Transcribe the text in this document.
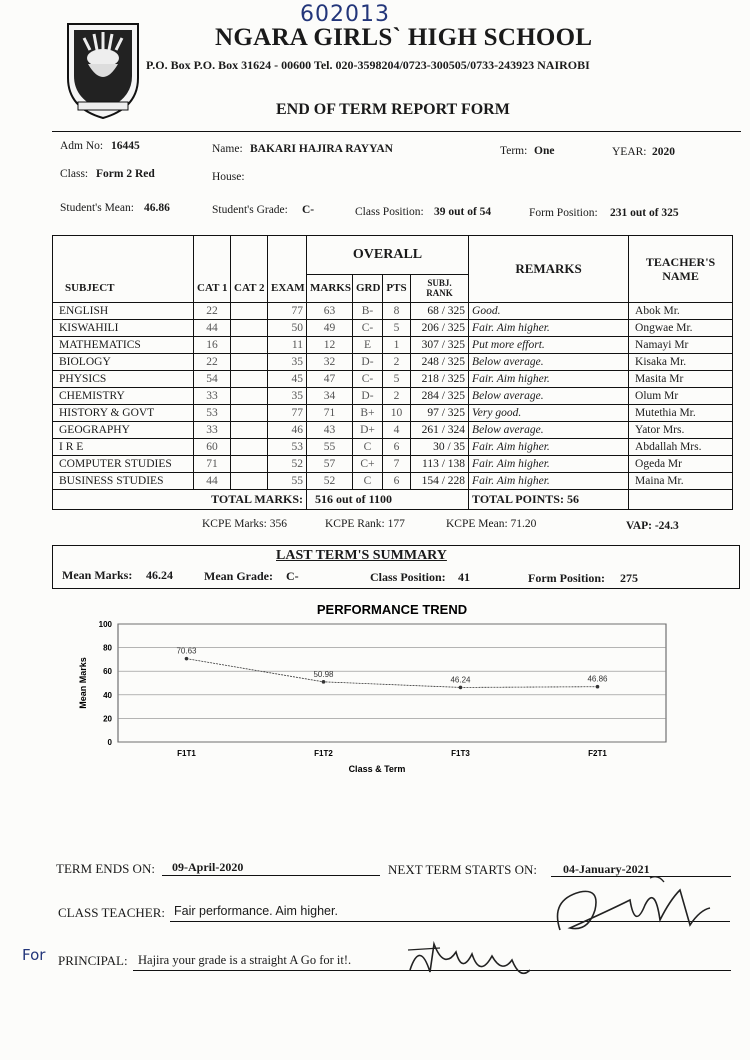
602013
NGARA GIRLS` HIGH SCHOOL
P.O. Box P.O. Box 31624 - 00600 Tel. 020-3598204/0723-300505/0733-243923 NAIROBI
END OF TERM REPORT FORM
Adm No: 16445	Name: BAKARI HAJIRA RAYYAN	Term: One	YEAR: 2020
Class: Form 2 Red	House:
Student's Mean: 46.86	Student's Grade: C-	Class Position: 39 out of 54	Form Position: 231 out of 325
				OVERALL				REMARKS	TEACHER'S NAME
SUBJECT	CAT 1	CAT 2	EXAM	MARKS	GRD	PTS	SUBJ. RANK		
ENGLISH	22		77	63	B-	8	68 / 325	Good.	Abok Mr.
KISWAHILI	44		50	49	C-	5	206 / 325	Fair. Aim higher.	Ongwae Mr.
MATHEMATICS	16		11	12	E	1	307 / 325	Put more effort.	Namayi Mr
BIOLOGY	22		35	32	D-	2	248 / 325	Below average.	Kisaka Mr.
PHYSICS	54		45	47	C-	5	218 / 325	Fair. Aim higher.	Masita Mr
CHEMISTRY	33		35	34	D-	2	284 / 325	Below average.	Olum Mr
HISTORY & GOVT	53		77	71	B+	10	97 / 325	Very good.	Mutethia Mr.
GEOGRAPHY	33		46	43	D+	4	261 / 324	Below average.	Yator Mrs.
I R E	60		53	55	C	6	30 / 35	Fair. Aim higher.	Abdallah Mrs.
COMPUTER STUDIES	71		52	57	C+	7	113 / 138	Fair. Aim higher.	Ogeda Mr
BUSINESS STUDIES	44		55	52	C	6	154 / 228	Fair. Aim higher.	Maina Mr.
TOTAL MARKS:				516 out of 1100				TOTAL POINTS: 56	
KCPE Marks: 356	KCPE Rank: 177	KCPE Mean: 71.20	VAP: -24.3
LAST TERM'S SUMMARY
Mean Marks: 46.24	Mean Grade: C-	Class Position: 41	Form Position: 275
PERFORMANCE TREND
0
20
40
60
80
100
Mean Marks
F1T1	F1T2	F1T3	F2T1
Class & Term
70.63
50.98
46.24	46.86
TERM ENDS ON: 09-April-2020	NEXT TERM STARTS ON: 04-January-2021
CLASS TEACHER: Fair performance. Aim higher.
For PRINCIPAL: Hajira your grade is a straight A Go for it!.
